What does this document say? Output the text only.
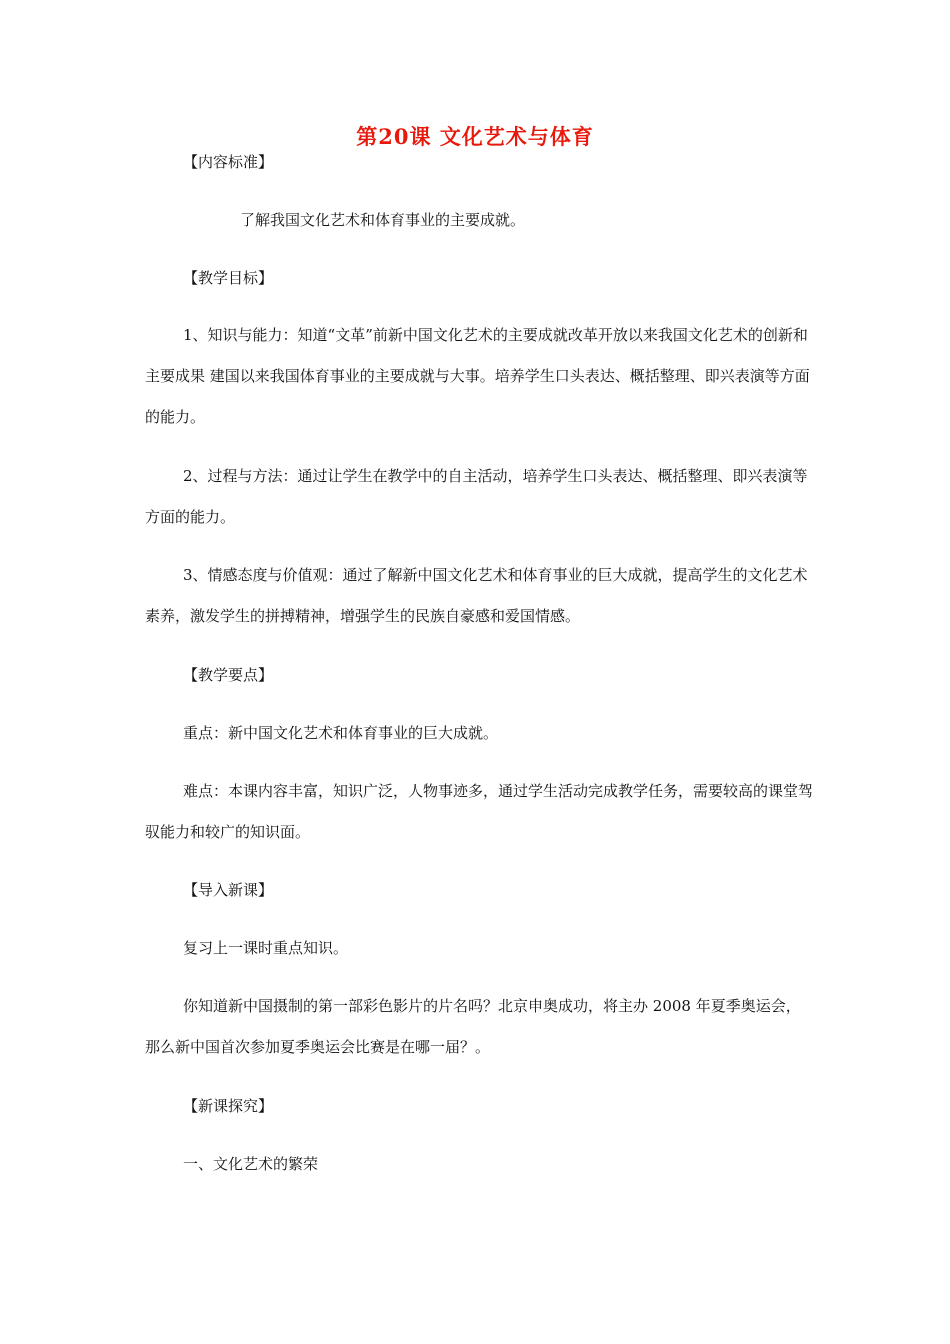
第20课 文化艺术与体育
【内容标准】
了解我国文化艺术和体育事业的主要成就。
【教学目标】

1、知识与能力：知道“文革”前新中国文化艺术的主要成就改革开放以来我国文化艺术的创新和主要成果 建国以来我国体育事业的主要成就与大事。培养学生口头表达、概括整理、即兴表演等方面的能力。

2、过程与方法：通过让学生在教学中的自主活动，培养学生口头表达、概括整理、即兴表演等方面的能力。

3、情感态度与价值观：通过了解新中国文化艺术和体育事业的巨大成就，提高学生的文化艺术素养，激发学生的拼搏精神，增强学生的民族自豪感和爱国情感。

【教学要点】
重点：新中国文化艺术和体育事业的巨大成就。

难点：本课内容丰富，知识广泛，人物事迹多，通过学生活动完成教学任务，需要较高的课堂驾驭能力和较广的知识面。

【导入新课】
复习上一课时重点知识。

你知道新中国摄制的第一部彩色影片的片名吗？北京申奥成功，将主办 2008 年夏季奥运会，那么新中国首次参加夏季奥运会比赛是在哪一届？。

【新课探究】
一、文化艺术的繁荣
